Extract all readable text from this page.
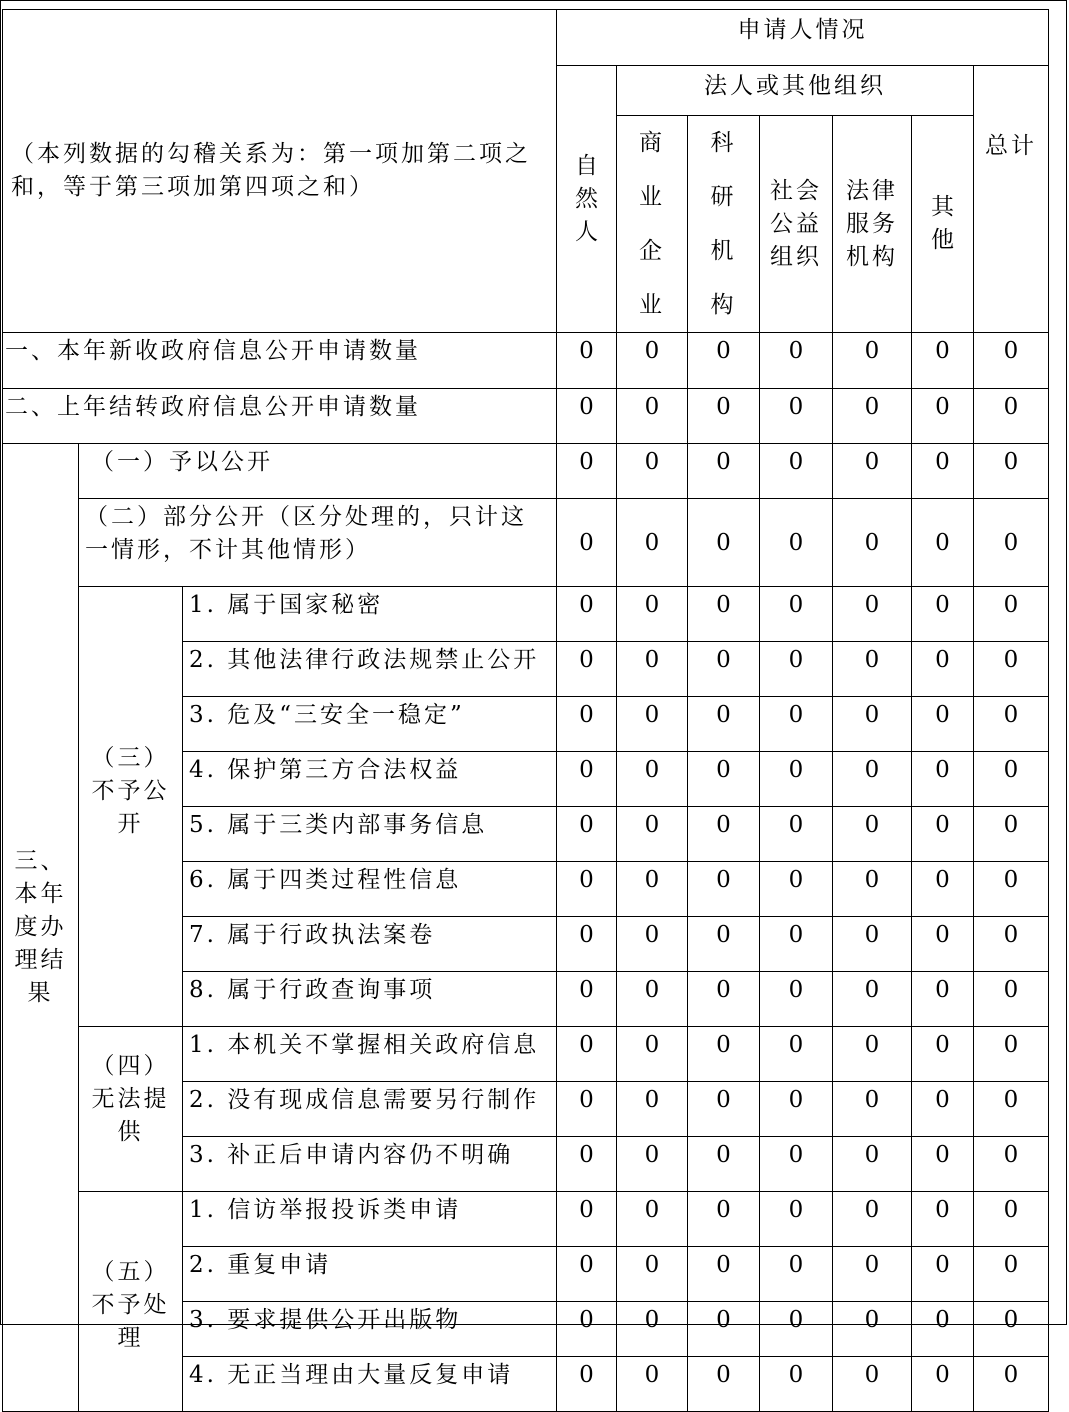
（本列数据的勾稽关系为：第一项加第二项之和，等于第三项加第四项之和）			申请人情况						
			自然人	法人或其他组织					总计
				商业企业	科研机构	社会公益组织	法律服务机构	其他	
一、本年新收政府信息公开申请数量			0	0	0	0	0	0	0
二、上年结转政府信息公开申请数量			0	0	0	0	0	0	0
三、本年度办理结果	（一）予以公开		0	0	0	0	0	0	0
	（二）部分公开（区分处理的，只计这一情形，不计其他情形）		0	0	0	0	0	0	0
	（三）不予公开	1. 属于国家秘密	0	0	0	0	0	0	0
		2. 其他法律行政法规禁止公开	0	0	0	0	0	0	0
		3. 危及“三安全一稳定”	0	0	0	0	0	0	0
		4. 保护第三方合法权益	0	0	0	0	0	0	0
		5. 属于三类内部事务信息	0	0	0	0	0	0	0
		6. 属于四类过程性信息	0	0	0	0	0	0	0
		7. 属于行政执法案卷	0	0	0	0	0	0	0
		8. 属于行政查询事项	0	0	0	0	0	0	0
	（四）无法提供	1. 本机关不掌握相关政府信息	0	0	0	0	0	0	0
		2. 没有现成信息需要另行制作	0	0	0	0	0	0	0
		3. 补正后申请内容仍不明确	0	0	0	0	0	0	0
	（五）不予处理	1. 信访举报投诉类申请	0	0	0	0	0	0	0
		2. 重复申请	0	0	0	0	0	0	0
		3. 要求提供公开出版物	0	0	0	0	0	0	0
		4. 无正当理由大量反复申请	0	0	0	0	0	0	0
